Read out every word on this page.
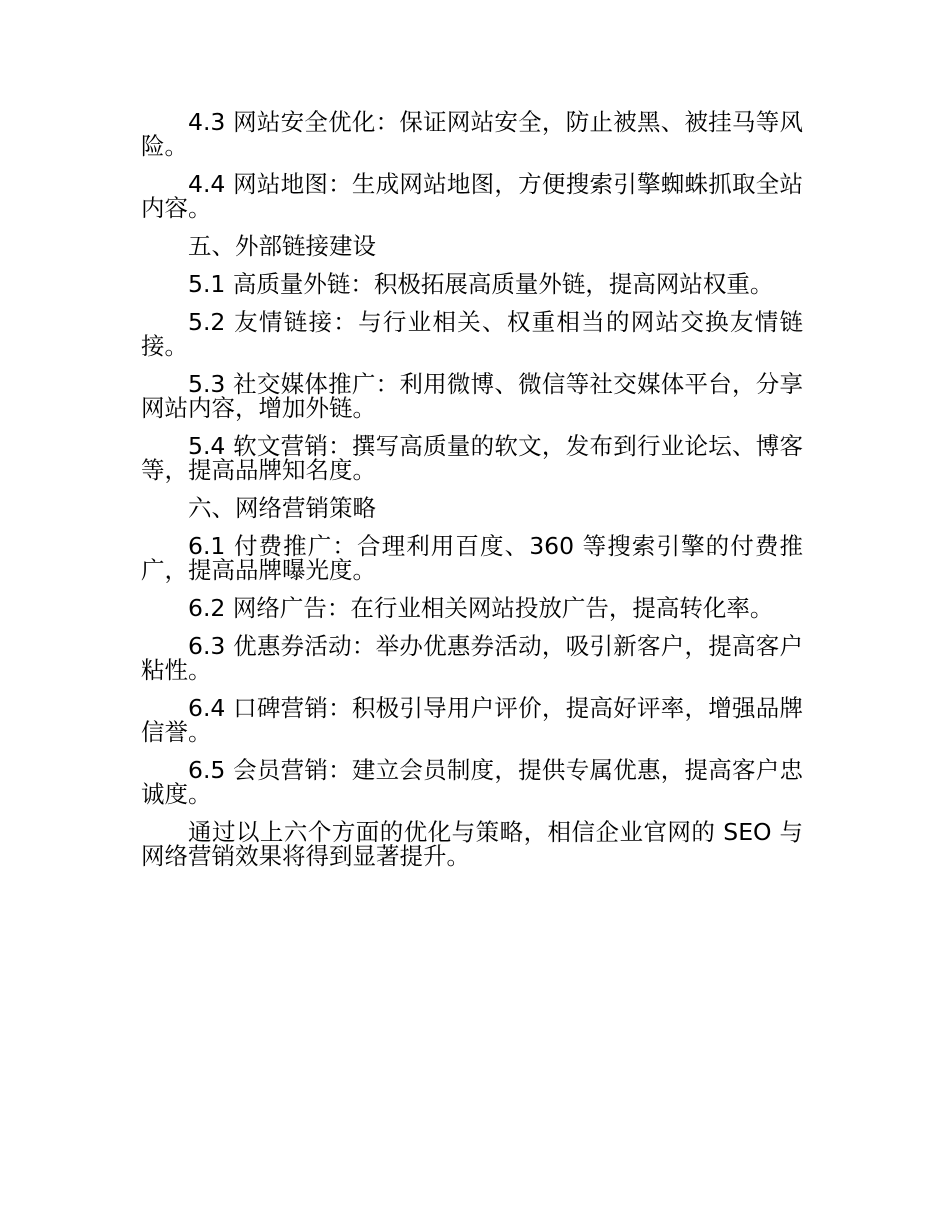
4.3 网站安全优化：保证网站安全，防止被黑、被挂马等风险。

4.4 网站地图：生成网站地图，方便搜索引擎蜘蛛抓取全站内容。

五、外部链接建设

5.1 高质量外链：积极拓展高质量外链，提高网站权重。

5.2 友情链接：与行业相关、权重相当的网站交换友情链接。

5.3 社交媒体推广：利用微博、微信等社交媒体平台，分享网站内容，增加外链。

5.4 软文营销：撰写高质量的软文，发布到行业论坛、博客等，提高品牌知名度。

六、网络营销策略

6.1 付费推广：合理利用百度、360 等搜索引擎的付费推广，提高品牌曝光度。

6.2 网络广告：在行业相关网站投放广告，提高转化率。

6.3 优惠券活动：举办优惠券活动，吸引新客户，提高客户粘性。

6.4 口碑营销：积极引导用户评价，提高好评率，增强品牌信誉。

6.5 会员营销：建立会员制度，提供专属优惠，提高客户忠诚度。

通过以上六个方面的优化与策略，相信企业官网的 SEO 与网络营销效果将得到显著提升。
